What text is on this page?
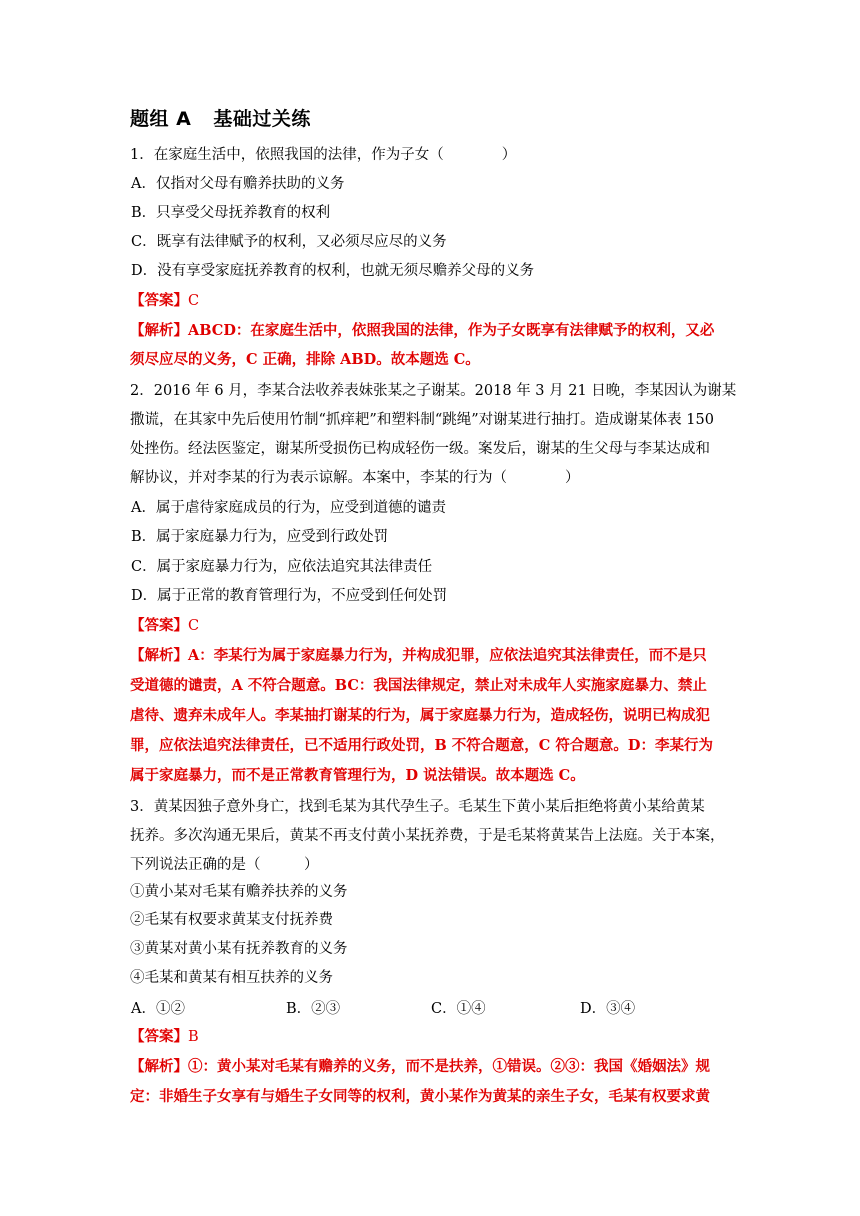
题组 A 基础过关练
1．在家庭生活中，依照我国的法律，作为子女（　　　　）
A．仅指对父母有赡养扶助的义务
B．只享受父母抚养教育的权利
C．既享有法律赋予的权利，又必须尽应尽的义务
D．没有享受家庭抚养教育的权利，也就无须尽赡养父母的义务
【答案】C
【解析】ABCD：在家庭生活中，依照我国的法律，作为子女既享有法律赋予的权利，又必
须尽应尽的义务，C 正确，排除 ABD。故本题选 C。
2．2016 年 6 月，李某合法收养表妹张某之子谢某。2018 年 3 月 21 日晚，李某因认为谢某
撒谎，在其家中先后使用竹制“抓痒耙”和塑料制“跳绳”对谢某进行抽打。造成谢某体表 150
处挫伤。经法医鉴定，谢某所受损伤已构成轻伤一级。案发后，谢某的生父母与李某达成和
解协议，并对李某的行为表示谅解。本案中，李某的行为（　　　　）
A．属于虐待家庭成员的行为，应受到道德的谴责
B．属于家庭暴力行为，应受到行政处罚
C．属于家庭暴力行为，应依法追究其法律责任
D．属于正常的教育管理行为，不应受到任何处罚
【答案】C
【解析】A：李某行为属于家庭暴力行为，并构成犯罪，应依法追究其法律责任，而不是只
受道德的谴责，A 不符合题意。BC：我国法律规定，禁止对未成年人实施家庭暴力、禁止
虐待、遗弃未成年人。李某抽打谢某的行为，属于家庭暴力行为，造成轻伤，说明已构成犯
罪，应依法追究法律责任，已不适用行政处罚，B 不符合题意，C 符合题意。D：李某行为
属于家庭暴力，而不是正常教育管理行为，D 说法错误。故本题选 C。
3．黄某因独子意外身亡，找到毛某为其代孕生子。毛某生下黄小某后拒绝将黄小某给黄某
抚养。多次沟通无果后，黄某不再支付黄小某抚养费，于是毛某将黄某告上法庭。关于本案，
下列说法正确的是（　　　）
①黄小某对毛某有赡养扶养的义务
②毛某有权要求黄某支付抚养费
③黄某对黄小某有抚养教育的义务
④毛某和黄某有相互扶养的义务
A．①②	B．②③	C．①④	D．③④
【答案】B
【解析】①：黄小某对毛某有赡养的义务，而不是扶养，①错误。②③：我国《婚姻法》规
定：非婚生子女享有与婚生子女同等的权利，黄小某作为黄某的亲生子女，毛某有权要求黄
